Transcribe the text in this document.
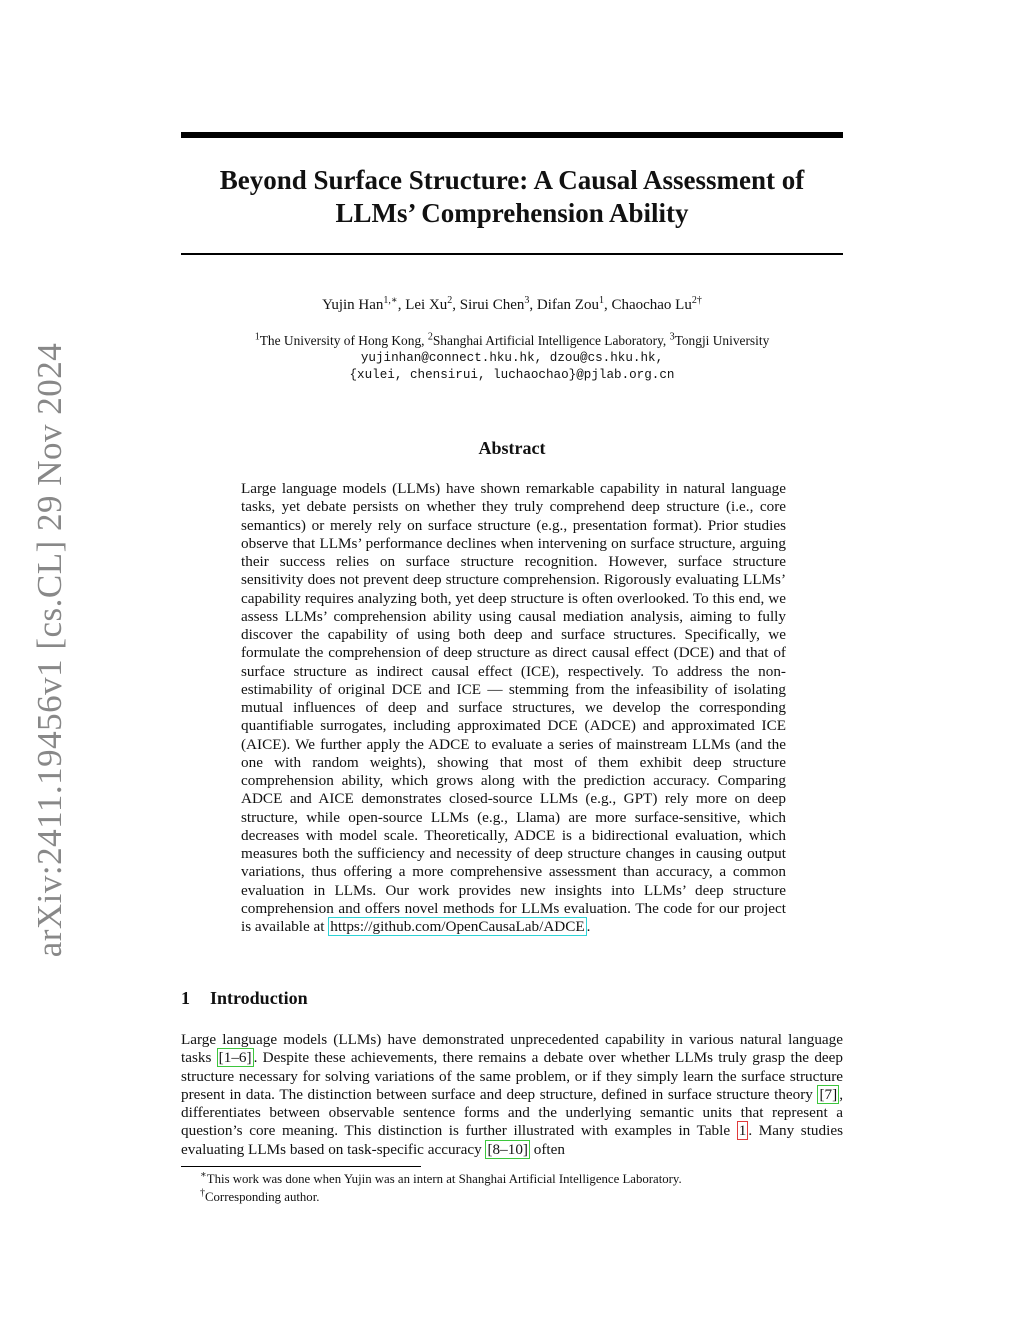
arXiv:2411.19456v1 [cs.CL] 29 Nov 2024
Beyond Surface Structure: A Causal Assessment of
LLMs’ Comprehension Ability
Yujin Han$^{1,∗}$, Lei Xu$^2$, Sirui Chen$^3$, Difan Zou$^1$, Chaochao $Lu^{2\dagger}$
$^1$The University of Hong Kong, $^2$Shanghai Artificial Intelligence Laboratory, $^3$Tongji University
yujinhan@connect.hku.hk, dzou@cs.hku.hk,
{xulei, chensirui, luchaochao}@pjlab.org.cn
Abstract

Large language models (LLMs) have shown remarkable capability in natural language tasks, yet debate persists on whether they truly comprehend deep structure (i.e., core semantics) or merely rely on surface structure (e.g., presentation format). Prior studies observe that LLMs’ performance declines when intervening on surface structure, arguing their success relies on surface structure recognition. However, surface structure sensitivity does not prevent deep structure comprehension. Rigorously evaluating LLMs’ capability requires analyzing both, yet deep structure is often overlooked. To this end, we assess LLMs’ comprehension ability using causal mediation analysis, aiming to fully discover the capability of using both deep and surface structures. Specifically, we formulate the comprehension of deep structure as direct causal effect (DCE) and that of surface structure as indirect causal effect (ICE), respectively. To address the non-estimability of original DCE and ICE — stemming from the infeasibility of isolating mutual influences of deep and surface structures, we develop the corresponding quantifiable surrogates, including approximated DCE (ADCE) and approximated ICE (AICE). We further apply the ADCE to evaluate a series of mainstream LLMs (and the one with random weights), showing that most of them exhibit deep structure comprehension ability, which grows along with the prediction accuracy. Comparing ADCE and AICE demonstrates closed-source LLMs (e.g., GPT) rely more on deep structure, while open-source LLMs (e.g., Llama) are more surface-sensitive, which decreases with model scale. Theoretically, ADCE is a bidirectional evaluation, which measures both the sufficiency and necessity of deep structure changes in causing output variations, thus offering a more comprehensive assessment than accuracy, a common evaluation in LLMs. Our work provides new insights into LLMs’ deep structure comprehension and offers novel methods for LLMs evaluation. The code for our project is available at https://github.com/OpenCausaLab/ADCE .

1 Introduction

Large language models (LLMs) have demonstrated unprecedented capability in various natural language tasks [1–6] . Despite these achievements, there remains a debate over whether LLMs truly grasp the deep structure necessary for solving variations of the same problem, or if they simply learn the surface structure present in data. The distinction between surface and deep structure, defined in surface structure theory [7] , differentiates between observable sentence forms and the underlying semantic units that represent a question’s core meaning. This distinction is further illustrated with examples in Table 1 . Many studies evaluating LLMs based on task-specific accuracy [8–10] often

∗This work was done when Yujin was an intern at Shanghai Artificial Intelligence Laboratory.
†Corresponding author.
